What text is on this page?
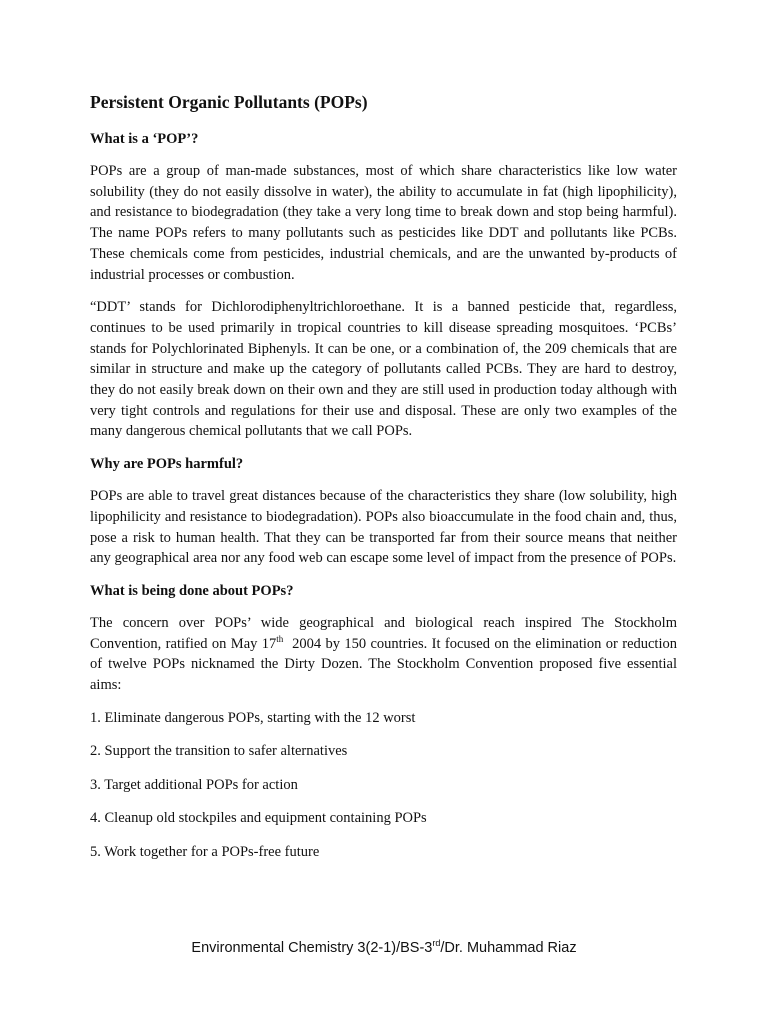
Persistent Organic Pollutants (POPs)
What is a ‘POP’?

POPs are a group of man-made substances, most of which share characteristics like low water solubility (they do not easily dissolve in water), the ability to accumulate in fat (high lipophilicity), and resistance to biodegradation (they take a very long time to break down and stop being harmful). The name POPs refers to many pollutants such as pesticides like DDT and pollutants like PCBs. These chemicals come from pesticides, industrial chemicals, and are the unwanted by-products of industrial processes or combustion.

“DDT’ stands for Dichlorodiphenyltrichloroethane. It is a banned pesticide that, regardless, continues to be used primarily in tropical countries to kill disease spreading mosquitoes. ‘PCBs’ stands for Polychlorinated Biphenyls. It can be one, or a combination of, the 209 chemicals that are similar in structure and make up the category of pollutants called PCBs. They are hard to destroy, they do not easily break down on their own and they are still used in production today although with very tight controls and regulations for their use and disposal. These are only two examples of the many dangerous chemical pollutants that we call POPs.

Why are POPs harmful?

POPs are able to travel great distances because of the characteristics they share (low solubility, high lipophilicity and resistance to biodegradation). POPs also bioaccumulate in the food chain and, thus, pose a risk to human health. That they can be transported far from their source means that neither any geographical area nor any food web can escape some level of impact from the presence of POPs.

What is being done about POPs?

The concern over POPs’ wide geographical and biological reach inspired The Stockholm Convention, ratified on May 17th  2004 by 150 countries. It focused on the elimination or reduction of twelve POPs nicknamed the Dirty Dozen. The Stockholm Convention proposed five essential aims:

1. Eliminate dangerous POPs, starting with the 12 worst
2. Support the transition to safer alternatives
3. Target additional POPs for action
4. Cleanup old stockpiles and equipment containing POPs
5. Work together for a POPs-free future
Environmental Chemistry 3(2-1)/BS-3rd/Dr. Muhammad Riaz
